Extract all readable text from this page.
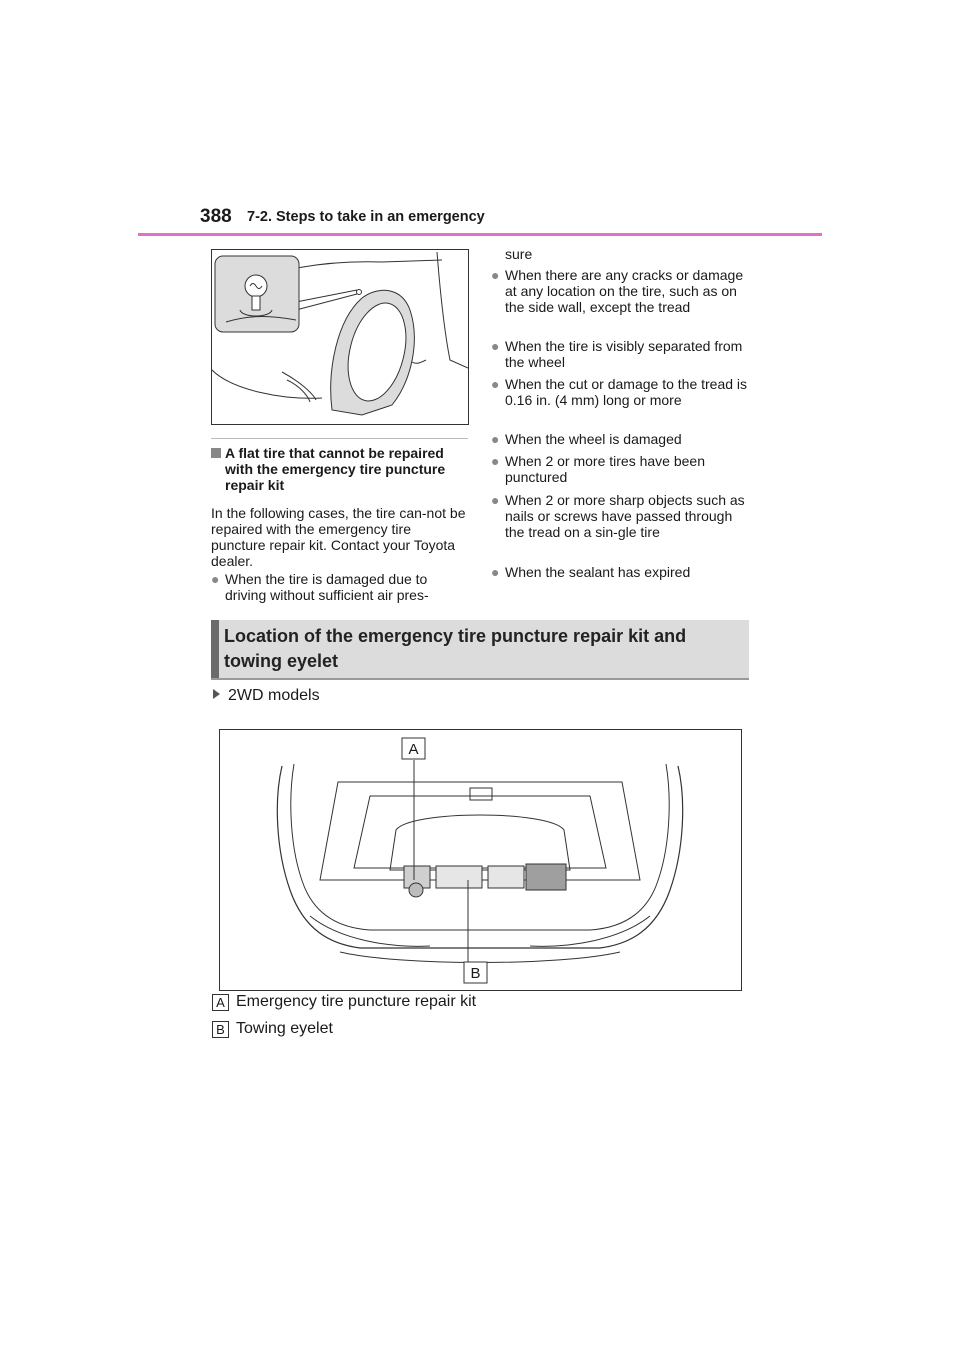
388 7-2. Steps to take in an emergency
A flat tire that cannot be repaired with the emergency tire puncture repair kit
In the following cases, the tire can-not be repaired with the emergency tire puncture repair kit. Contact your Toyota dealer.
● When the tire is damaged due to driving without sufficient air pres-
sure
● When there are any cracks or damage at any location on the tire, such as on the side wall, except the tread
● When the tire is visibly separated from the wheel
● When the cut or damage to the tread is 0.16 in. (4 mm) long or more
● When the wheel is damaged
● When 2 or more tires have been punctured
● When 2 or more sharp objects such as nails or screws have passed through the tread on a sin-gle tire
● When the sealant has expired
Location of the emergency tire puncture repair kit and towing eyelet
2WD models
A
B
A Emergency tire puncture repair kit
B Towing eyelet
